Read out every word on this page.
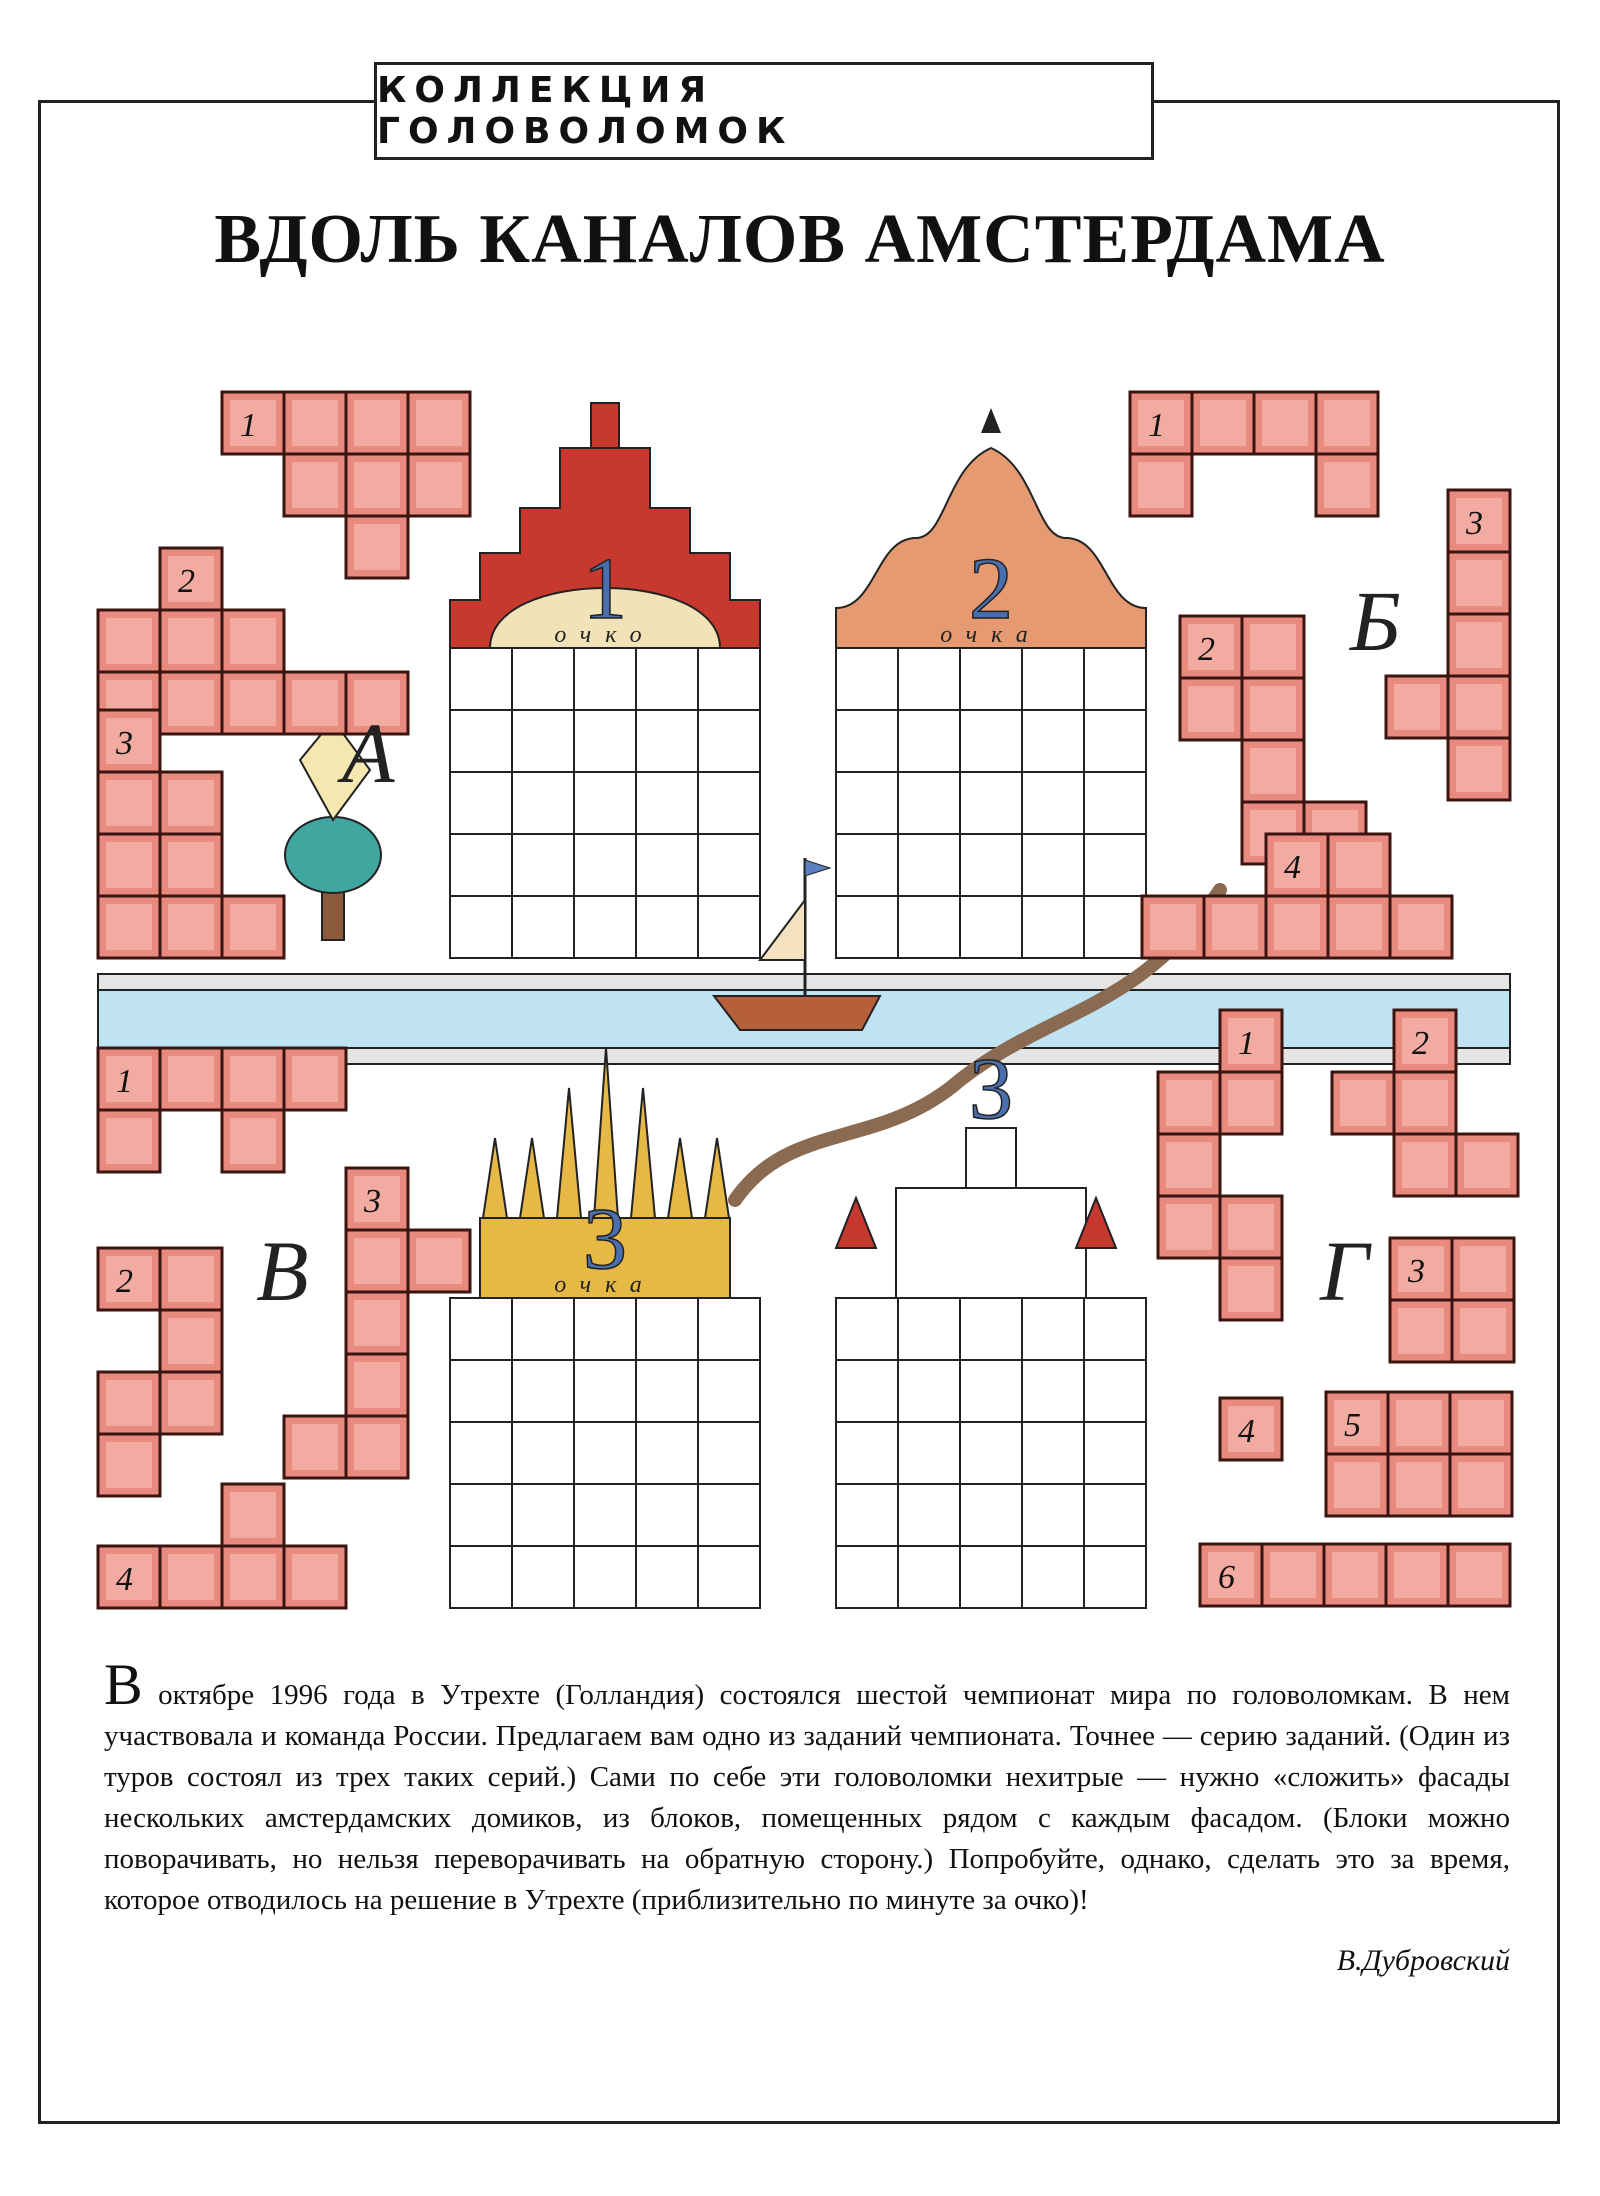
КОЛЛЕКЦИЯ ГОЛОВОЛОМОК
ВДОЛЬ КАНАЛОВ АМСТЕРДАМА
1
очко	2
очка
3
очка
3
1
2
3
1
2
3
4
1
2
3
4
1	2
3
4	5
6
А
Б
В	Г

В октябре 1996 года в Утрехте (Голландия) состоялся шестой чемпионат мира по головоломкам. В нем участвовала и команда России. Предлагаем вам одно из заданий чемпионата. Точнее — серию заданий. (Один из туров состоял из трех таких серий.) Сами по себе эти головоломки нехитрые — нужно «сложить» фасады нескольких амстердамских домиков, из блоков, помещенных рядом с каждым фасадом. (Блоки можно поворачивать, но нельзя переворачивать на обратную сторону.) Попробуйте, однако, сделать это за время, которое отводилось на решение в Утрехте (приблизительно по минуте за очко)!

В.Дубровский
